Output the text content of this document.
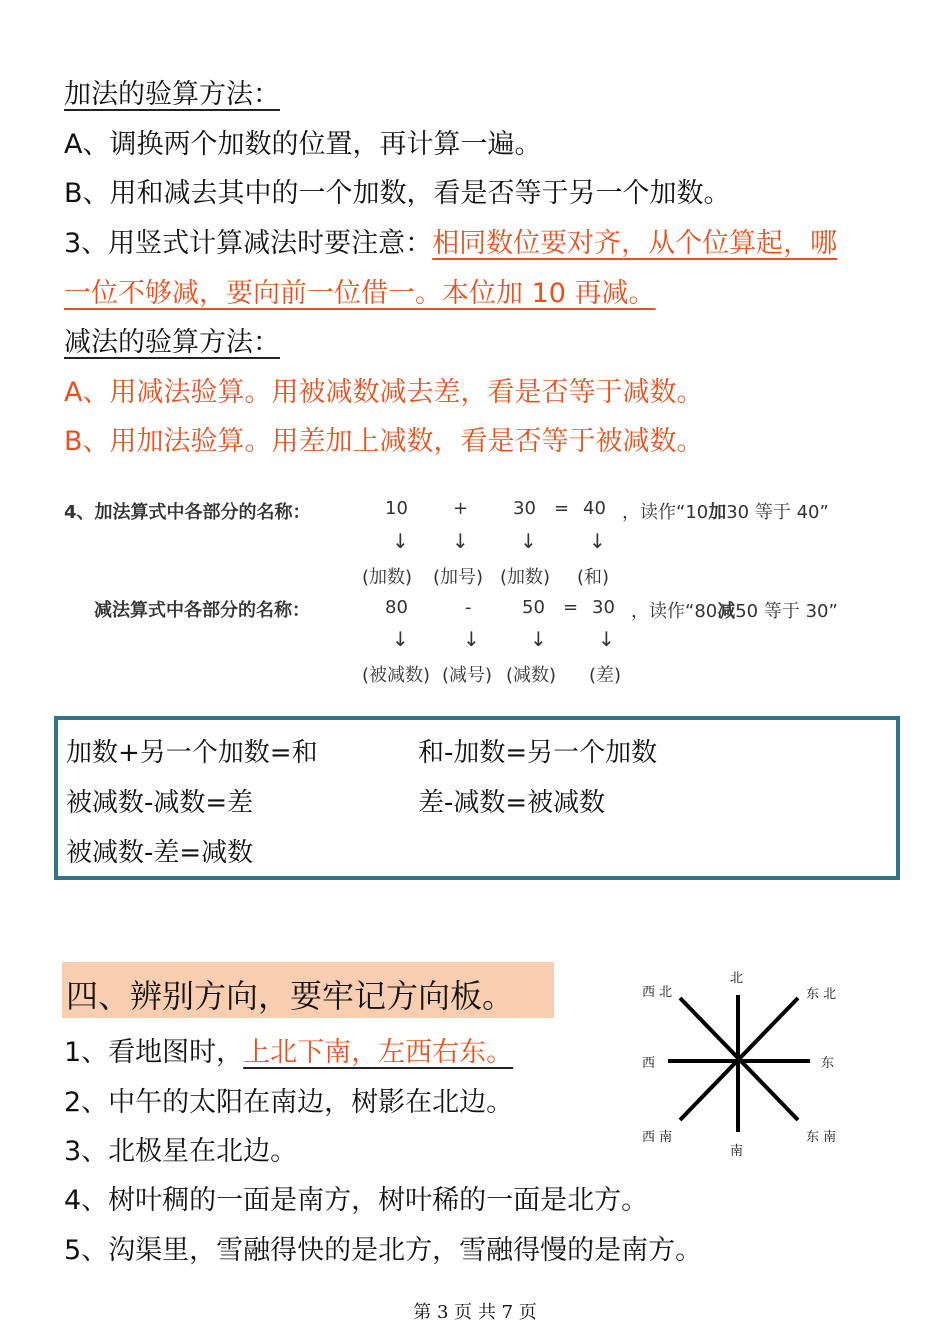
加法的验算方法：
A、调换两个加数的位置，再计算一遍。
B、用和减去其中的一个加数，看是否等于另一个加数。
3、用竖式计算减法时要注意：相同数位要对齐，从个位算起，哪
一位不够减，要向前一位借一。本位加 10 再减。
减法的验算方法：
A、用减法验算。用被减数减去差，看是否等于减数。
B、用加法验算。用差加上减数，看是否等于被减数。
4、加法算式中各部分的名称：	10	+ 30 = 40 ，读作“10加30 等于 40”
↓ ↓	↓	↓
(加数) (加号) (加数) (和)
减法算式中各部分的名称：	80	-	50 = 30 ，读作“80减50 等于 30”
↓	↓	↓	↓
(被减数) (减号) (减数) (差)
加数+另一个加数=和	和-加数=另一个加数
被减数-减数=差	差-减数=被减数
被减数-差=减数
四、辨别方向，要牢记方向板。
1、看地图时，上北下南，左西右东。
2、中午的太阳在南边，树影在北边。
3、北极星在北边。
4、树叶稠的一面是南方，树叶稀的一面是北方。
5、沟渠里，雪融得快的是北方，雪融得慢的是南方。
北
南
东
西
西 北	东 北
西 南	东 南
第 3 页 共 7 页
